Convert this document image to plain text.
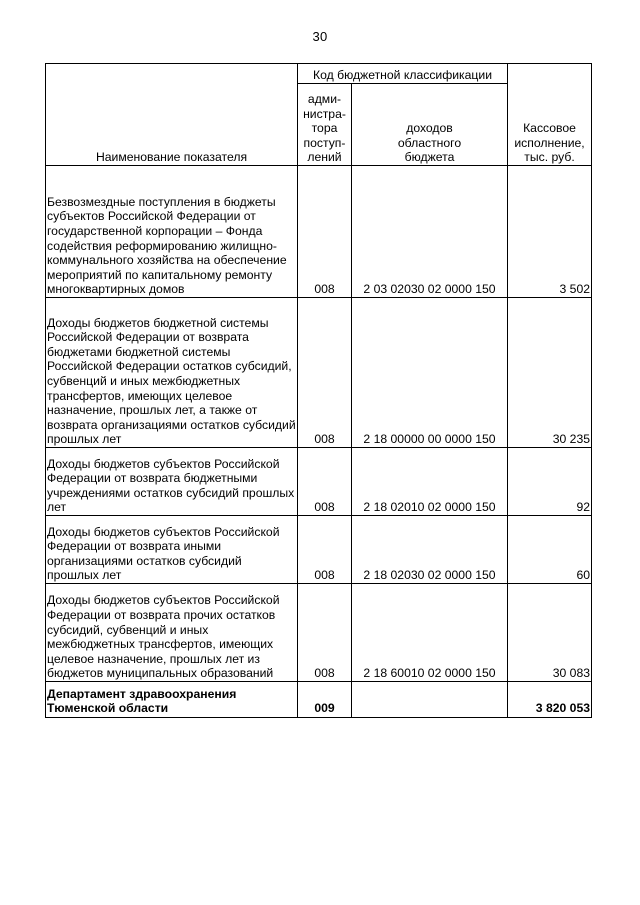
30
Наименование показателя	Код бюджетной классификации		Кассовое
исполнение,
тыс. руб.
	адми-
нистра-
тора
поступ-
лений	доходов
областного
бюджета	
Безвозмездные поступления в бюджеты субъектов Российской Федерации от государственной корпорации – Фонда содействия реформированию жилищно-коммунального хозяйства на обеспечение мероприятий по капитальному ремонту многоквартирных домов	008	2 03 02030 02 0000 150	3 502
Доходы бюджетов бюджетной системы Российской Федерации от возврата бюджетами бюджетной системы Российской Федерации остатков субсидий, субвенций и иных межбюджетных трансфертов, имеющих целевое назначение, прошлых лет, а также от возврата организациями остатков субсидий прошлых лет	008	2 18 00000 00 0000 150	30 235
Доходы бюджетов субъектов Российской Федерации от возврата бюджетными учреждениями остатков субсидий прошлых лет	008	2 18 02010 02 0000 150	92
Доходы бюджетов субъектов Российской Федерации от возврата иными организациями остатков субсидий прошлых лет	008	2 18 02030 02 0000 150	60
Доходы бюджетов субъектов Российской Федерации от возврата прочих остатков субсидий, субвенций и иных межбюджетных трансфертов, имеющих целевое назначение, прошлых лет из бюджетов муниципальных образований	008	2 18 60010 02 0000 150	30 083
Департамент здравоохранения Тюменской области	009		3 820 053
